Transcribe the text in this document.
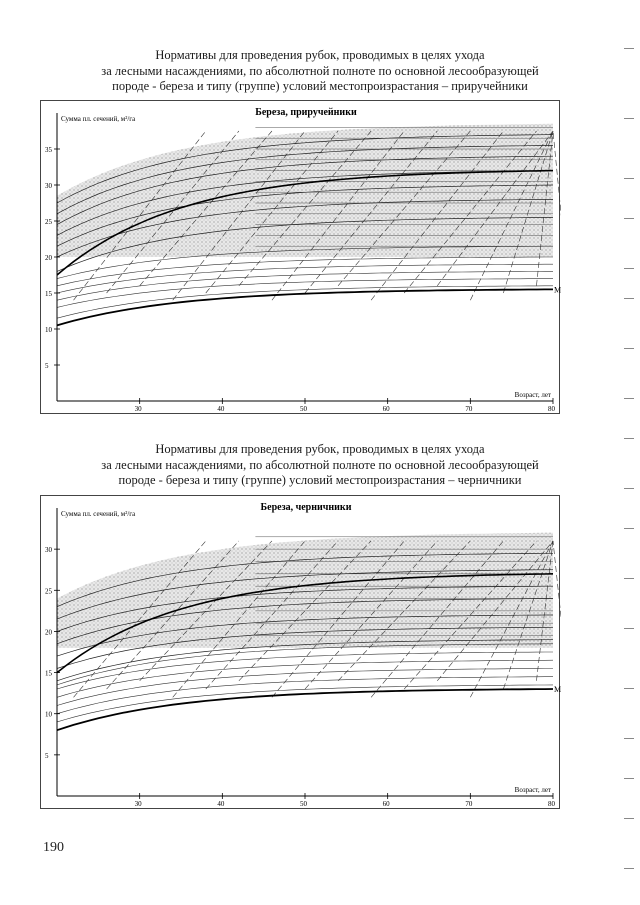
Нормативы для проведения рубок, проводимых в целях ухода
за лесными насаждениями, по абсолютной полноте по основной лесообразующей
породе - береза и типу (группе) условий местопроизрастания – приручейники
M
5
10
15
20
25
30
35
30	40	50	60	70	80
Береза, приручейники
Сумма пл. сечений, м²/га
Возраст, лет
Нормативы для проведения рубок, проводимых в целях ухода
за лесными насаждениями, по абсолютной полноте по основной лесообразующей
породе - береза и типу (группе) условий местопроизрастания – черничники
M
5
10
15
20
25
30
30	40	50	60	70	80
Береза, черничники
Сумма пл. сечений, м²/га
Возраст, лет
190
